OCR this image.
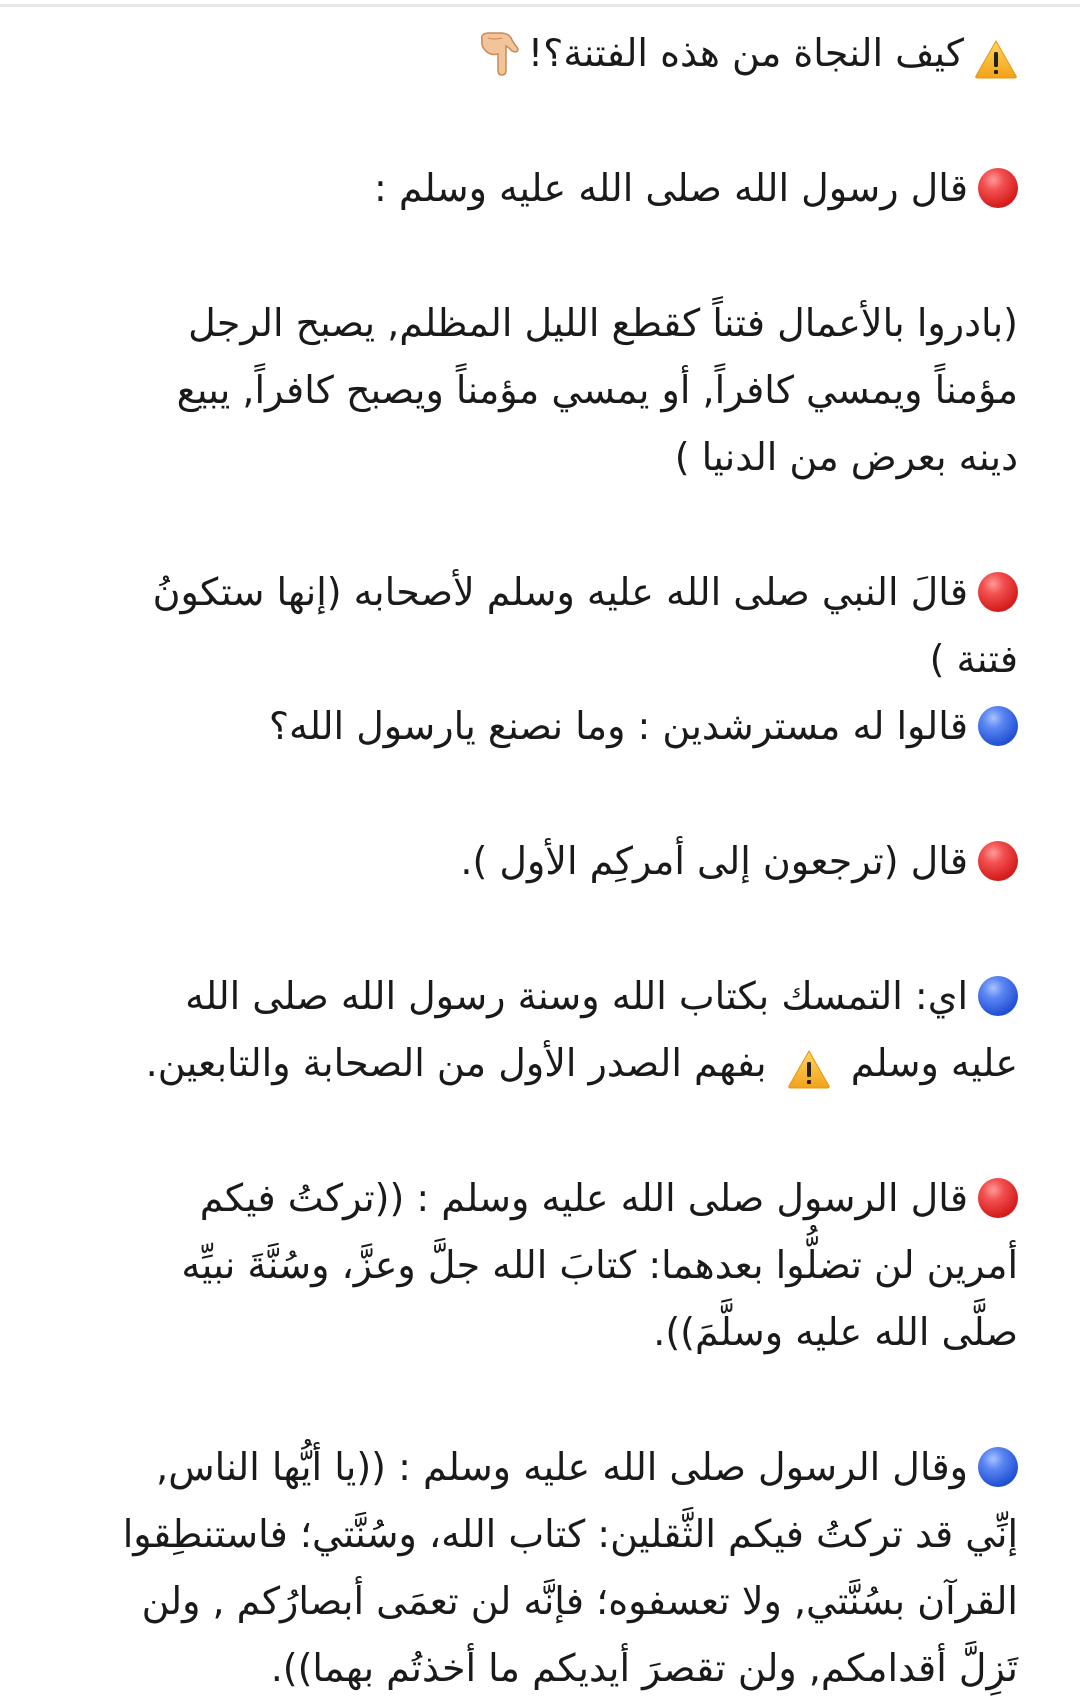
كيف النجاة من هذه الفتنة؟!
قال رسول الله صلى الله عليه وسلم :
(بادروا بالأعمال فتناً كقطع الليل المظلم, يصبح الرجل
مؤمناً ويمسي كافراً, أو يمسي مؤمناً ويصبح كافراً, يبيع
دينه بعرض من الدنيا )
قالَ النبي صلى الله عليه وسلم لأصحابه (إنها ستكونُ
فتنة )
قالوا له مسترشدين : وما نصنع يارسول الله؟
قال (ترجعون إلى أمركِم الأول ).
اي: التمسك بكتاب الله وسنة رسول الله صلى الله
عليه وسلم  بفهم الصدر الأول من الصحابة والتابعين.
قال الرسول صلى الله عليه وسلم : ((تركتُ فيكم
أمرين لن تضلُّوا بعدهما: كتابَ الله جلَّ وعزَّ، وسُنَّةَ نبيِّه
صلَّى الله عليه وسلَّمَ)).
وقال الرسول صلى الله عليه وسلم : ((يا أيُّها الناس,
إنِّي قد تركتُ فيكم الثَّقلين: كتاب الله، وسُنَّتي؛ فاستنطِقوا
القرآن بسُنَّتي, ولا تعسفوه؛ فإنَّه لن تعمَى أبصارُكم , ولن
تَزِلَّ أقدامكم, ولن تقصرَ أيديكم ما أخذتُم بهما)).
